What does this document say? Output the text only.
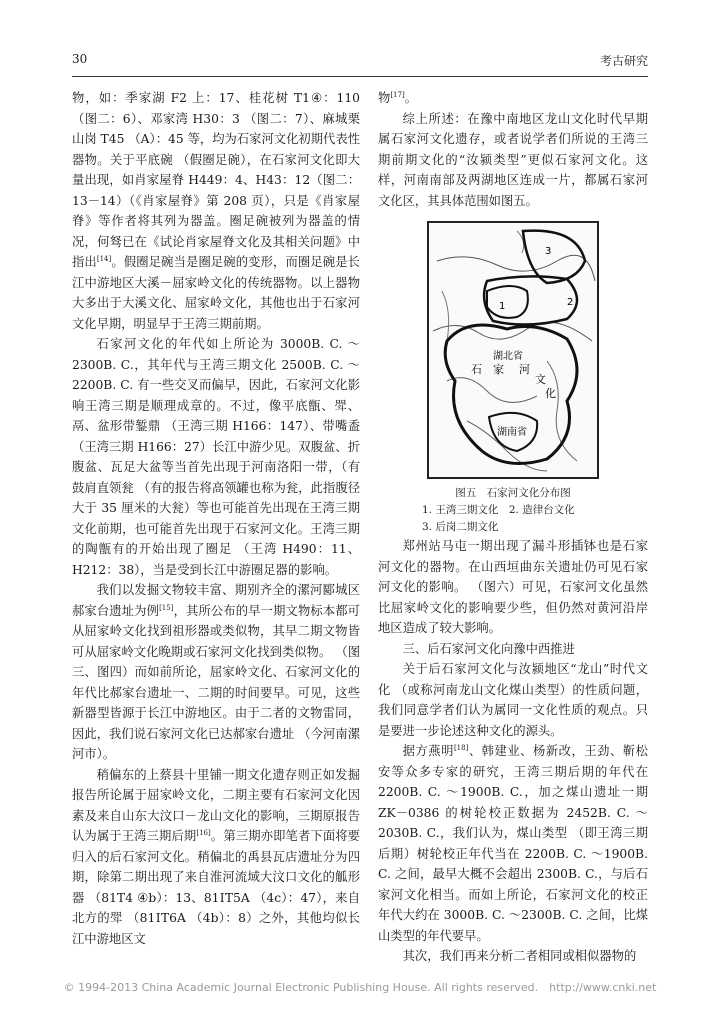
30	考古研究

物，如：季家湖 F2 上：17、桂花树 T1④：110（图二：6）、邓家湾 H30：3 （图二：7）、麻城栗山岗 T45 （A）：45 等，均为石家河文化初期代表性器物。关于平底碗 （假圈足碗），在石家河文化即大量出现，如肖家屋脊 H449：4、H43：12（图二：13－14）（《肖家屋脊》第 208 页），只是《肖家屋脊》等作者将其列为器盖。圈足碗被列为器盖的情况，何驽已在《试论肖家屋脊文化及其相关问题》中指出[14]。假圈足碗当是圈足碗的变形，而圈足碗是长江中游地区大溪－屈家岭文化的传统器物。以上器物大多出于大溪文化、屈家岭文化，其他也出于石家河文化早期，明显早于王湾三期前期。

石家河文化的年代如上所论为 3000B. C. ～2300B. C.，其年代与王湾三期文化 2500B. C. ～2200B. C. 有一些交叉而偏早，因此，石家河文化影响王湾三期是顺理成章的。不过，像平底甑、斝、鬲、盆形带錾鼎 （王湾三期 H166：147）、带嘴盉 （王湾三期 H166：27）长江中游少见。双腹盆、折腹盆、瓦足大盆等当首先出现于河南洛阳一带，（有鼓肩直领瓮 （有的报告将高领罐也称为瓮，此指腹径大于 35 厘米的大瓮）等也可能首先出现在王湾三期文化前期，也可能首先出现于石家河文化。王湾三期的陶甑有的开始出现了圈足 （王湾 H490：11、H212：38），当是受到长江中游圈足器的影响。

我们以发掘文物较丰富、期别齐全的漯河郾城区郝家台遗址为例[15]，其所公布的早一期文物标本都可从屈家岭文化找到祖形器或类似物，其早二期文物皆可从屈家岭文化晚期或石家河文化找到类似物。 （图三、图四）而如前所论，屈家岭文化、石家河文化的年代比郝家台遗址一、二期的时间要早。可见，这些新器型皆源于长江中游地区。由于二者的文物雷同，因此，我们说石家河文化已达郝家台遗址 （今河南漯河市）。

稍偏东的上蔡县十里铺一期文化遗存则正如发掘报告所论属于屈家岭文化，二期主要有石家河文化因素及来自山东大汶口－龙山文化的影响，三期原报告认为属于王湾三期后期[16]。第三期亦即笔者下面将要归入的后石家河文化。稍偏北的禹县瓦店遗址分为四期，除第二期出现了来自淮河流域大汶口文化的觚形器 （81T4 ④b）：13、81ⅠT5A （4c）：47），来自北方的斝 （81ⅠT6A （4b）：8）之外，其他均似长江中游地区文

物[17]。

综上所述：在豫中南地区龙山文化时代早期属石家河文化遗存，或者说学者们所说的王湾三期前期文化的“汝颍类型”更似石家河文化。这样，河南南部及两湖地区连成一片，都属石家河文化区，其具体范围如图五。

3
2
1
湖北省
石 家 河
文
化
湖南省
图五　石家河文化分布图
1. 王湾三期文化　2. 造律台文化
3. 后岗二期文化

郑州站马屯一期出现了漏斗形插钵也是石家河文化的器物。在山西垣曲东关遗址仍可见石家河文化的影响。 （图六）可见，石家河文化虽然比屈家岭文化的影响要少些，但仍然对黄河沿岸地区造成了较大影响。

三、后石家河文化向豫中西推进

关于后石家河文化与汝颍地区“龙山”时代文化 （或称河南龙山文化煤山类型）的性质问题，我们同意学者们认为属同一文化性质的观点。只是要进一步论述这种文化的源头。

据方燕明[18]、韩建业、杨新改，王劲、靳松安等众多专家的研究，王湾三期后期的年代在 2200B. C. ～1900B. C.，加之煤山遗址一期 ZK－0386 的树轮校正数据为 2452B. C. ～2030B. C.，我们认为，煤山类型 （即王湾三期后期）树轮校正年代当在 2200B. C. ～1900B. C. 之间，最早大概不会超出 2300B. C.，与后石家河文化相当。而如上所论，石家河文化的校正年代大约在 3000B. C. ～2300B. C. 之间，比煤山类型的年代要早。

其次，我们再来分析二者相同或相似器物的

© 1994-2013 China Academic Journal Electronic Publishing House. All rights reserved.　http://www.cnki.net
